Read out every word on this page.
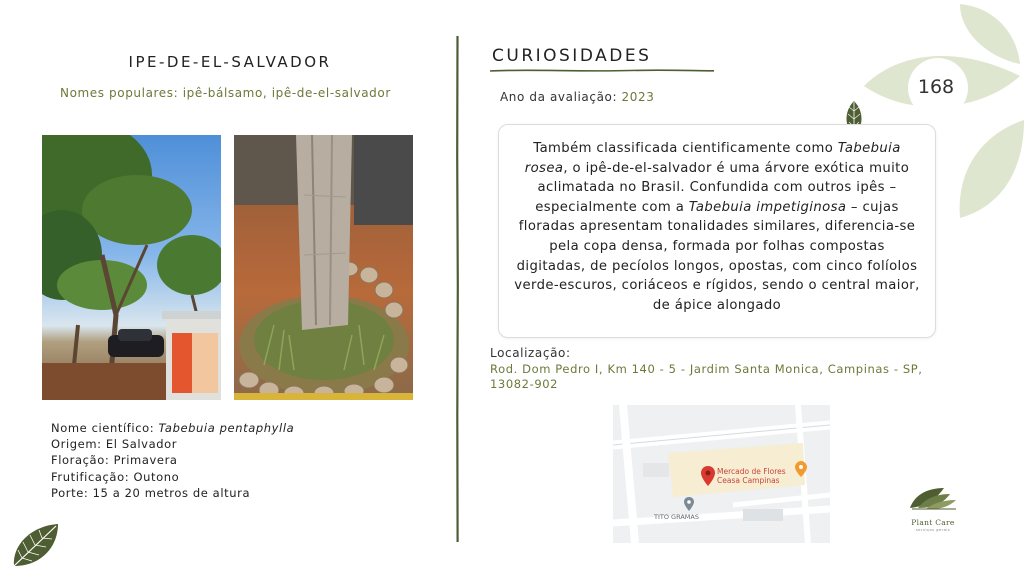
IPE-DE-EL-SALVADOR
Nomes populares: ipê-bálsamo, ipê-de-el-salvador
Nome científico: Tabebuia pentaphylla
Origem: El Salvador
Floração: Primavera
Frutificação: Outono
Porte: 15 a 20 metros de altura
CURIOSIDADES
Ano da avaliação: 2023
Também classificada cientificamente como Tabebuia rosea, o ipê-de-el-salvador é uma árvore exótica muito aclimatada no Brasil. Confundida com outros ipês – especialmente com a Tabebuia impetiginosa – cujas floradas apresentam tonalidades similares, diferencia-se pela copa densa, formada por folhas compostas digitadas, de pecíolos longos, opostas, com cinco folíolos verde-escuros, coriáceos e rígidos, sendo o central maior, de ápice alongado
Localização:
Rod. Dom Pedro I, Km 140 - 5 - Jardim Santa Monica, Campinas - SP, 13082-902
Mercado de Flores
Ceasa Campinas
TITO GRAMAS
168
Plant Care
serviços gerais
